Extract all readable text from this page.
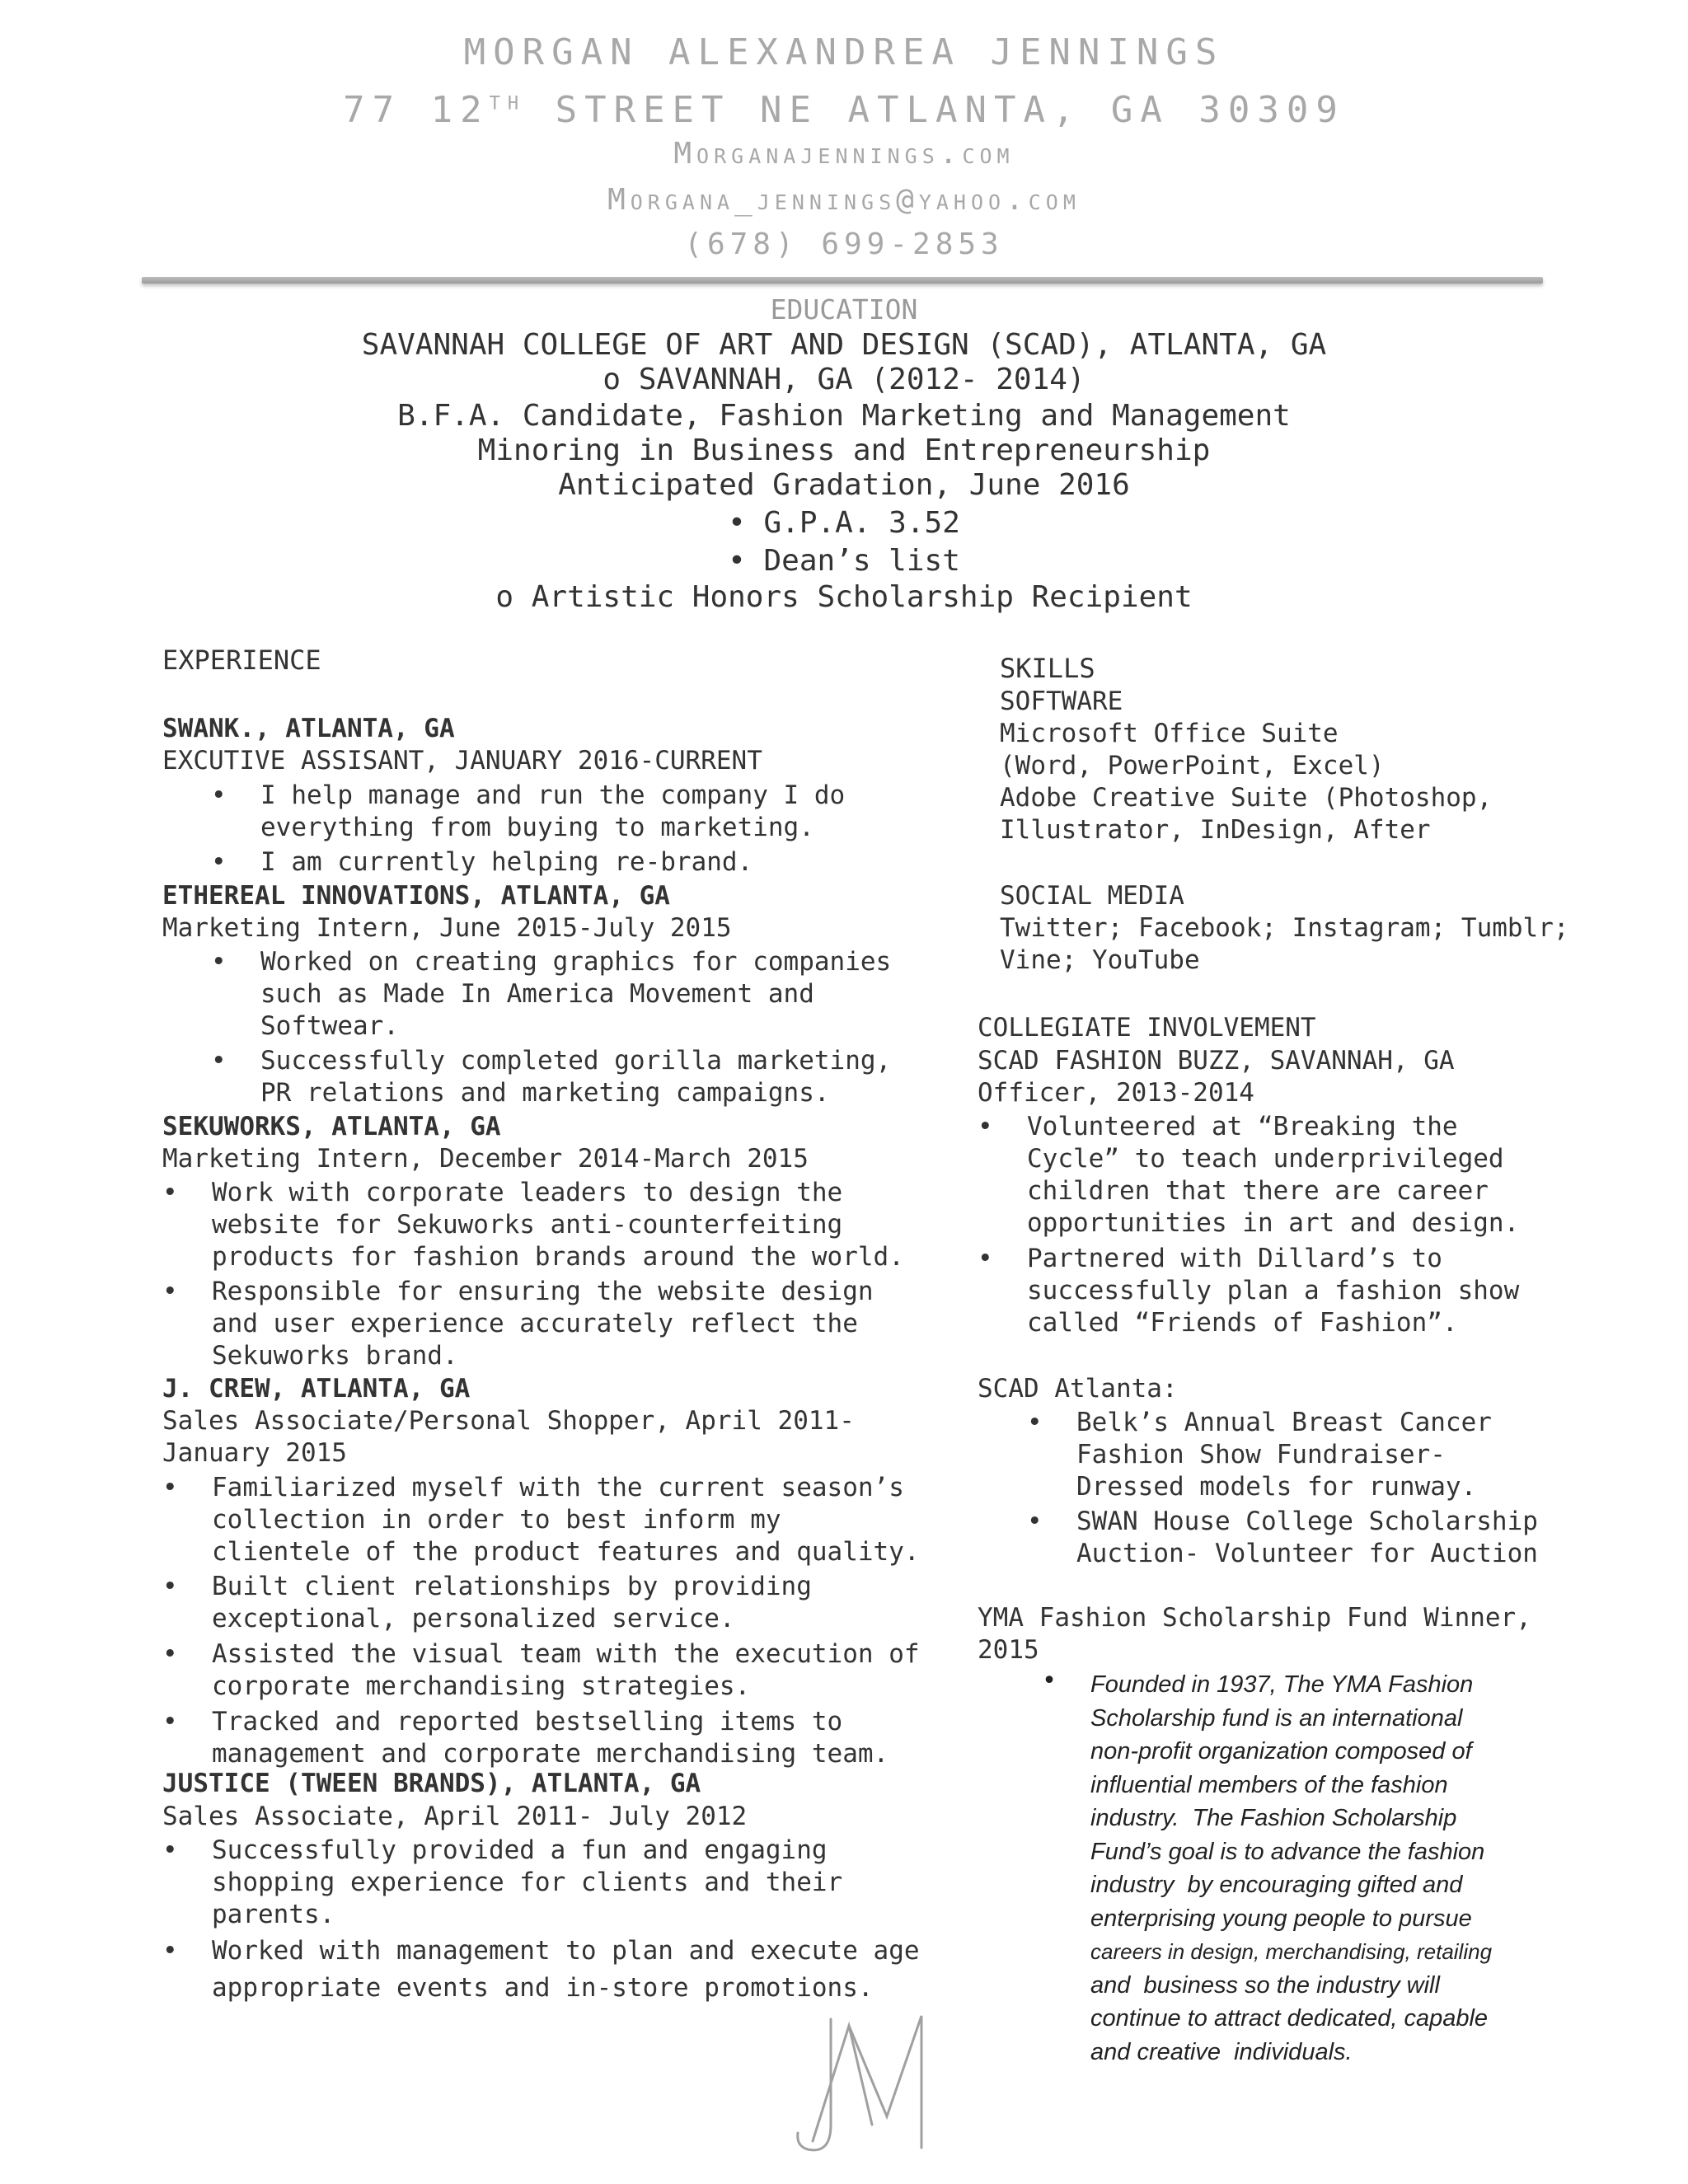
MORGAN ALEXANDREA JENNINGS
77 12TH STREET NE ATLANTA, GA 30309
Morganajennings.com
Morgana_jennings@yahoo.com
(678) 699-2853
EDUCATION
SAVANNAH COLLEGE OF ART AND DESIGN (SCAD), ATLANTA, GA
o SAVANNAH, GA (2012- 2014)
B.F.A. Candidate, Fashion Marketing and Management
Minoring in Business and Entrepreneurship
Anticipated Gradation, June 2016
• G.P.A. 3.52
• Dean’s list
o Artistic Honors Scholarship Recipient
EXPERIENCE
SWANK., ATLANTA, GA
EXCUTIVE ASSISANT, JANUARY 2016-CURRENT
• I help manage and run the company I do
everything from buying to marketing.
• I am currently helping re-brand.
ETHEREAL INNOVATIONS, ATLANTA, GA
Marketing Intern, June 2015-July 2015
• Worked on creating graphics for companies
such as Made In America Movement and
Softwear.
• Successfully completed gorilla marketing,
PR relations and marketing campaigns.
SEKUWORKS, ATLANTA, GA
Marketing Intern, December 2014-March 2015
• Work with corporate leaders to design the
website for Sekuworks anti-counterfeiting
products for fashion brands around the world.
• Responsible for ensuring the website design
and user experience accurately reflect the
Sekuworks brand.
J. CREW, ATLANTA, GA
Sales Associate/Personal Shopper, April 2011-
January 2015
• Familiarized myself with the current season’s
collection in order to best inform my
clientele of the product features and quality.
• Built client relationships by providing
exceptional, personalized service.
• Assisted the visual team with the execution of
corporate merchandising strategies.
• Tracked and reported bestselling items to
management and corporate merchandising team.
JUSTICE (TWEEN BRANDS), ATLANTA, GA
Sales Associate, April 2011- July 2012
• Successfully provided a fun and engaging
shopping experience for clients and their
parents.
• Worked with management to plan and execute age
appropriate events and in-store promotions.
SKILLS
SOFTWARE
Microsoft Office Suite
(Word, PowerPoint, Excel)
Adobe Creative Suite (Photoshop,
Illustrator, InDesign, After
SOCIAL MEDIA
Twitter; Facebook; Instagram; Tumblr;
Vine; YouTube
COLLEGIATE INVOLVEMENT
SCAD FASHION BUZZ, SAVANNAH, GA
Officer, 2013-2014
• Volunteered at “Breaking the
Cycle” to teach underprivileged
children that there are career
opportunities in art and design.
• Partnered with Dillard’s to
successfully plan a fashion show
called “Friends of Fashion”.
SCAD Atlanta:
• Belk’s Annual Breast Cancer
Fashion Show Fundraiser-
Dressed models for runway.
• SWAN House College Scholarship
Auction- Volunteer for Auction
YMA Fashion Scholarship Fund Winner,
2015
• Founded in 1937, The YMA Fashion
Scholarship fund is an international
non-profit organization composed of
influential members of the fashion
industry.  The Fashion Scholarship
Fund’s goal is to advance the fashion
industry  by encouraging gifted and
enterprising young people to pursue
careers in design, merchandising, retailing
and  business so the industry will
continue to attract dedicated, capable
and creative  individuals.
